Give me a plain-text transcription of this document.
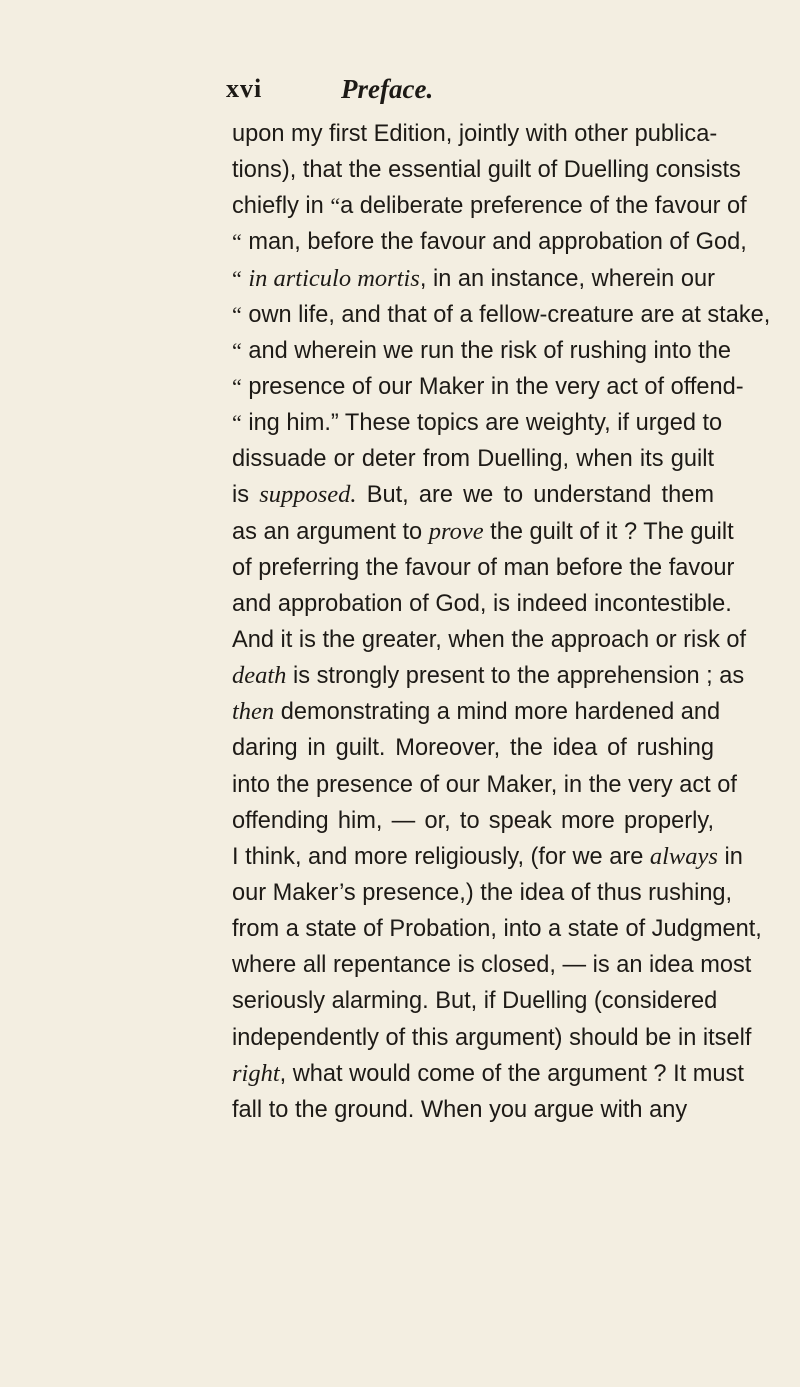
xvi	Preface.
upon my first Edition, jointly with other publica-
tions), that the essential guilt of Duelling consists
chiefly in “a deliberate preference of the favour of
“ man, before the favour and approbation of God,
“ in articulo mortis, in an instance, wherein our
“ own life, and that of a fellow-creature are at stake,
“ and wherein we run the risk of rushing into the
“ presence of our Maker in the very act of offend-
“ ing him.” These topics are weighty, if urged to
dissuade or deter from Duelling, when its guilt
is supposed. But, are we to understand them
as an argument to prove the guilt of it ? The guilt
of preferring the favour of man before the favour
and approbation of God, is indeed incontestible.
And it is the greater, when the approach or risk of
death is strongly present to the apprehension ; as
then demonstrating a mind more hardened and
daring in guilt. Moreover, the idea of rushing
into the presence of our Maker, in the very act of
offending him, — or, to speak more properly,
I think, and more religiously, (for we are always in
our Maker’s presence,) the idea of thus rushing,
from a state of Probation, into a state of Judgment,
where all repentance is closed, — is an idea most
seriously alarming. But, if Duelling (considered
independently of this argument) should be in itself
right, what would come of the argument ? It must
fall to the ground. When you argue with any
